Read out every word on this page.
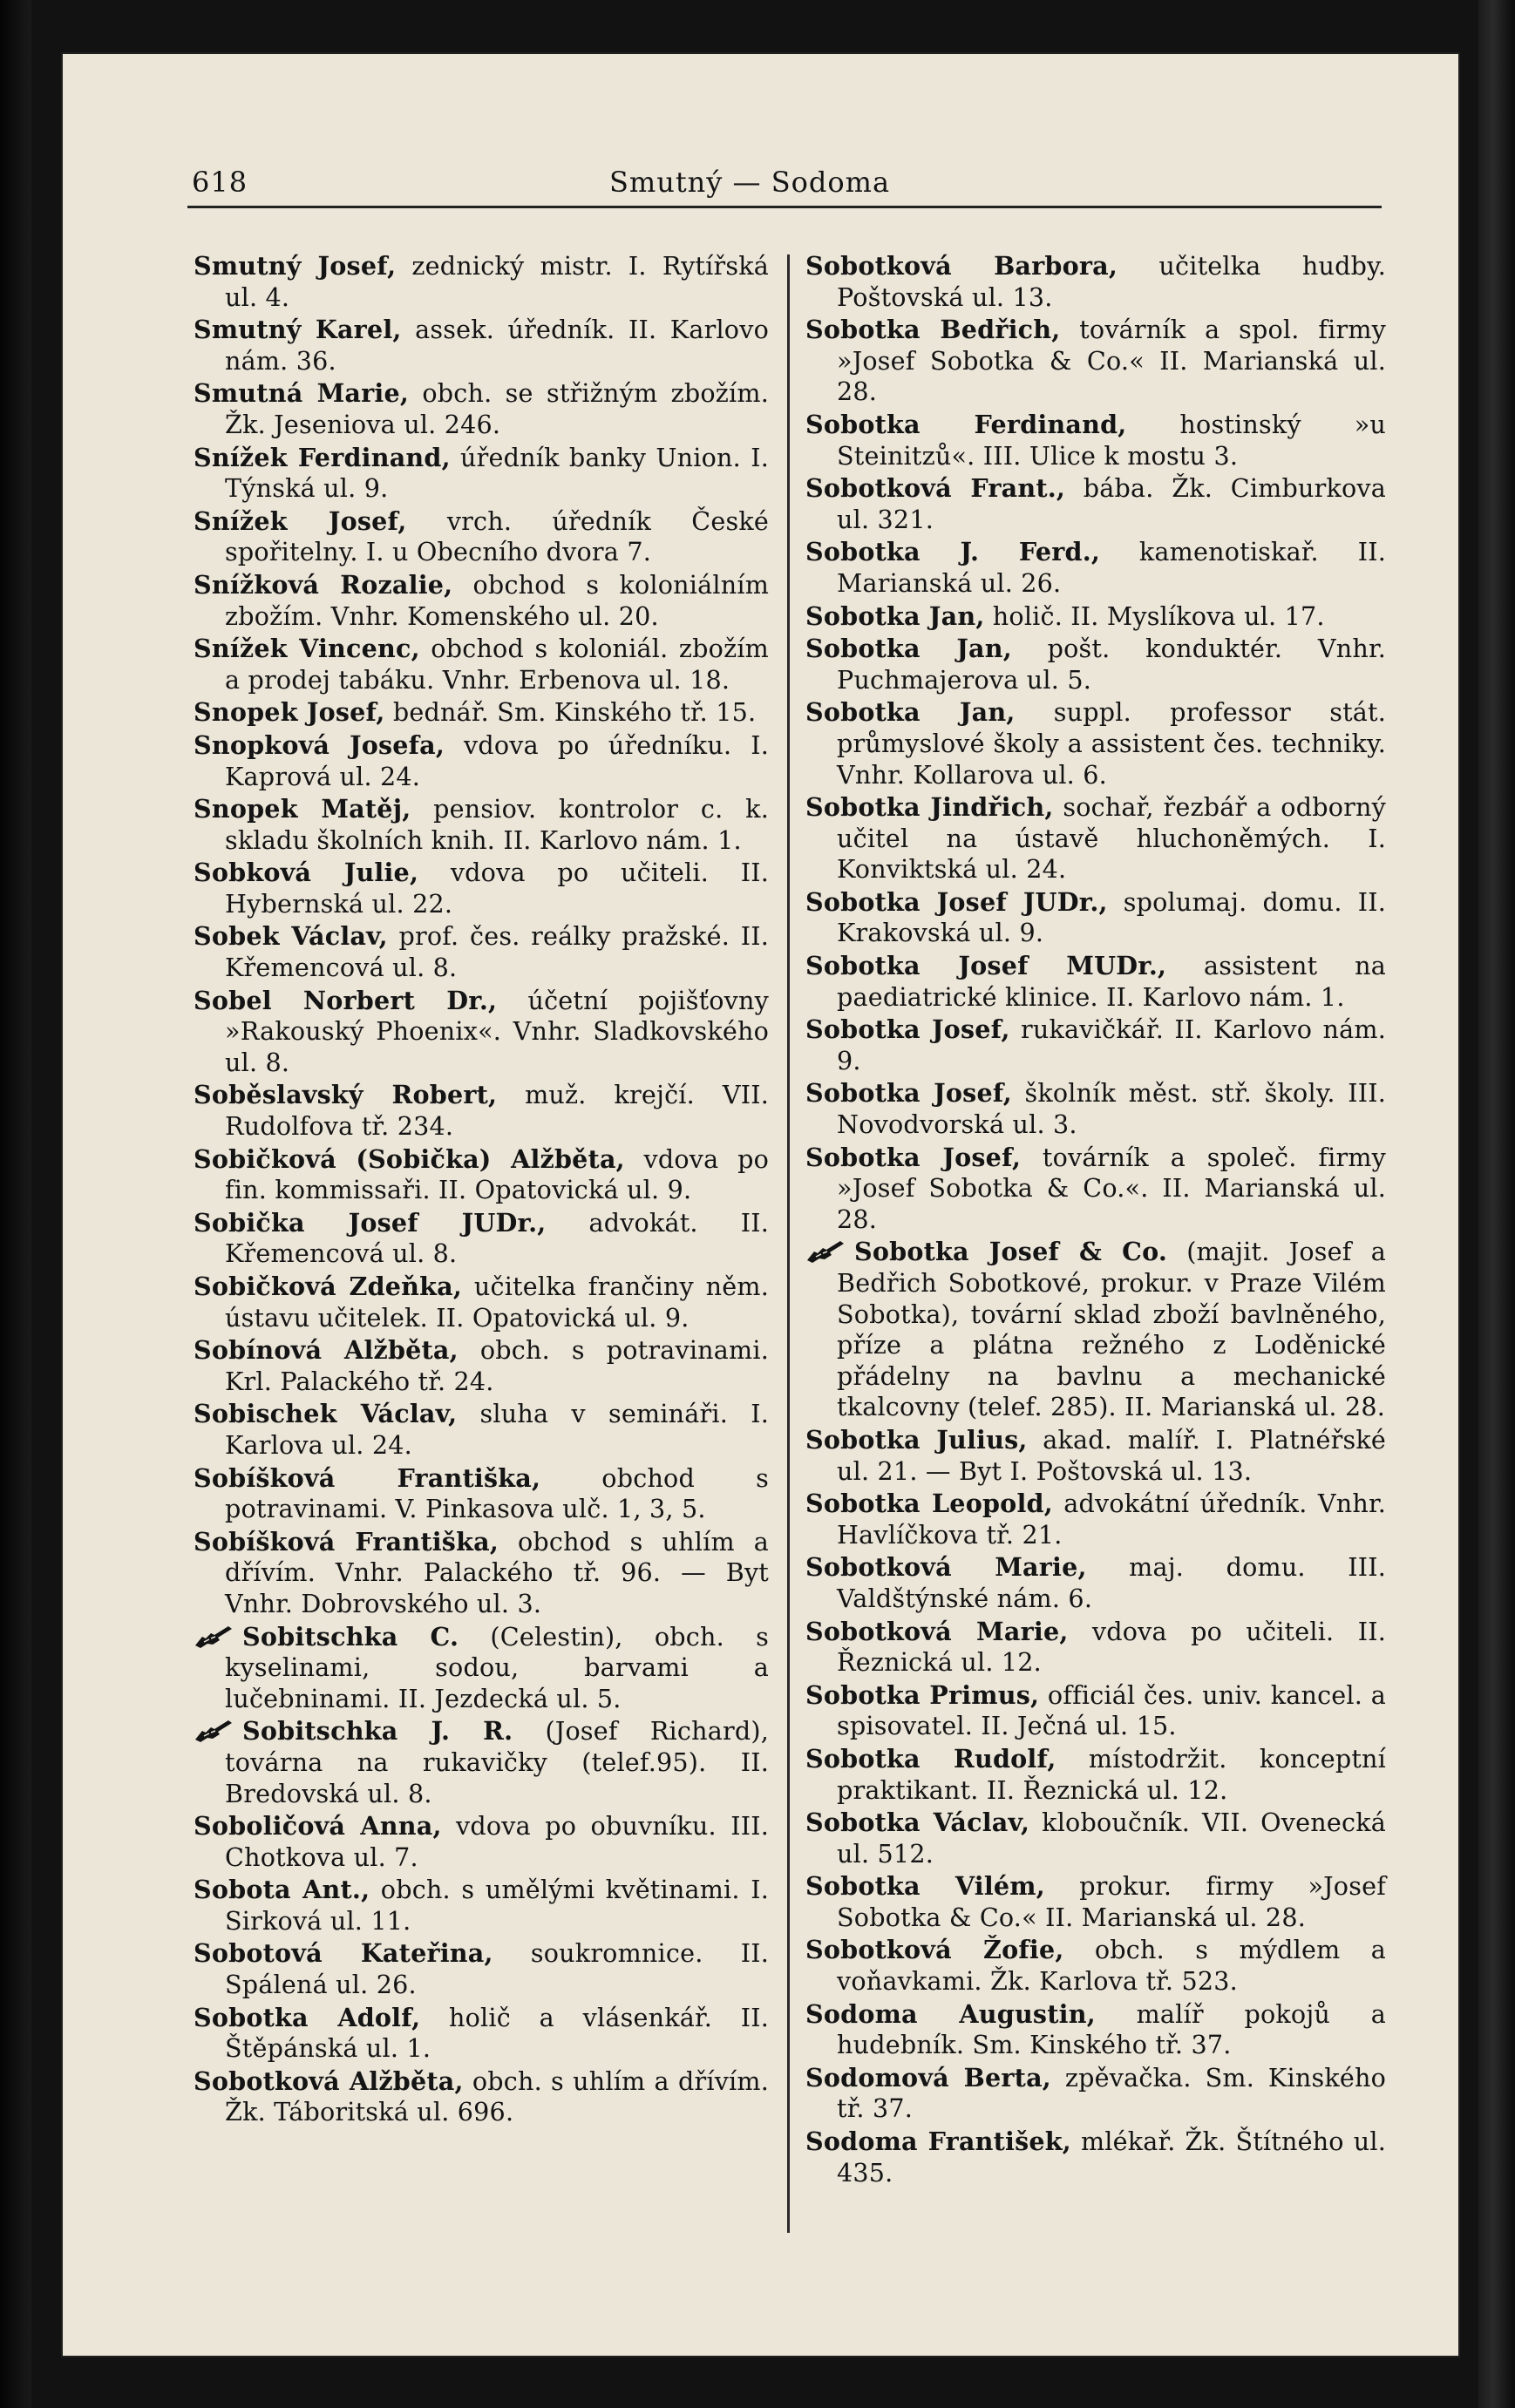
618	Smutný — Sodoma
Smutný Josef, zednický mistr. I. Rytířská ul. 4.
Smutný Karel, assek. úředník. II. Karlovo nám. 36.
Smutná Marie, obch. se střižným zbožím. Žk. Jeseniova ul. 246.
Snížek Ferdinand, úředník banky Union. I. Týnská ul. 9.
Snížek Josef, vrch. úředník České spořitelny. I. u Obecního dvora 7.
Snížková Rozalie, obchod s koloniálním zbožím. Vnhr. Komenského ul. 20.
Snížek Vincenc, obchod s koloniál. zbožím a prodej tabáku. Vnhr. Erbenova ul. 18.
Snopek Josef, bednář. Sm. Kinského tř. 15.
Snopková Josefa, vdova po úředníku. I. Kaprová ul. 24.
Snopek Matěj, pensiov. kontrolor c. k. skladu školních knih. II. Karlovo nám. 1.
Sobková Julie, vdova po učiteli. II. Hybernská ul. 22.
Sobek Václav, prof. čes. reálky pražské. II. Křemencová ul. 8.
Sobel Norbert Dr., účetní pojišťovny »Rakouský Phoenix«. Vnhr. Sladkovského ul. 8.
Soběslavský Robert, muž. krejčí. VII. Rudolfova tř. 234.
Sobičková (Sobička) Alžběta, vdova po fin. kommissaři. II. Opatovická ul. 9.
Sobička Josef JUDr., advokát. II. Křemencová ul. 8.
Sobičková Zdeňka, učitelka frančiny něm. ústavu učitelek. II. Opatovická ul. 9.
Sobínová Alžběta, obch. s potravinami. Krl. Palackého tř. 24.
Sobischek Václav, sluha v semináři. I. Karlova ul. 24.
Sobíšková Františka, obchod s potravinami. V. Pinkasova ulč. 1, 3, 5.
Sobíšková Františka, obchod s uhlím a dřívím. Vnhr. Palackého tř. 96. — Byt Vnhr. Dobrovského ul. 3.
Sobitschka C. (Celestin), obch. s kyselinami, sodou, barvami a lučebninami. II. Jezdecká ul. 5.
Sobitschka J. R. (Josef Richard), továrna na rukavičky (telef.95). II. Bredovská ul. 8.
Soboličová Anna, vdova po obuvníku. III. Chotkova ul. 7.
Sobota Ant., obch. s umělými květinami. I. Sirková ul. 11.
Sobotová Kateřina, soukromnice. II. Spálená ul. 26.
Sobotka Adolf, holič a vlásenkář. II. Štěpánská ul. 1.
Sobotková Alžběta, obch. s uhlím a dřívím. Žk. Táboritská ul. 696.
Sobotková Barbora, učitelka hudby. Poštovská ul. 13.
Sobotka Bedřich, továrník a spol. firmy »Josef Sobotka & Co.« II. Marianská ul. 28.
Sobotka Ferdinand, hostinský »u Steinitzů«. III. Ulice k mostu 3.
Sobotková Frant., bába. Žk. Cimburkova ul. 321.
Sobotka J. Ferd., kamenotiskař. II. Marianská ul. 26.
Sobotka Jan, holič. II. Myslíkova ul. 17.
Sobotka Jan, pošt. konduktér. Vnhr. Puchmajerova ul. 5.
Sobotka Jan, suppl. professor stát. průmyslové školy a assistent čes. techniky. Vnhr. Kollarova ul. 6.
Sobotka Jindřich, sochař, řezbář a odborný učitel na ústavě hluchoněmých. I. Konviktská ul. 24.
Sobotka Josef JUDr., spolumaj. domu. II. Krakovská ul. 9.
Sobotka Josef MUDr., assistent na paediatrické klinice. II. Karlovo nám. 1.
Sobotka Josef, rukavičkář. II. Karlovo nám. 9.
Sobotka Josef, školník měst. stř. školy. III. Novodvorská ul. 3.
Sobotka Josef, továrník a společ. firmy »Josef Sobotka & Co.«. II. Marianská ul. 28.
Sobotka Josef & Co. (majit. Josef a Bedřich Sobotkové, prokur. v Praze Vilém Sobotka), tovární sklad zboží bavlněného, příze a plátna režného z Loděnické přádelny na bavlnu a mechanické tkalcovny (telef. 285). II. Marianská ul. 28.
Sobotka Julius, akad. malíř. I. Platnéřské ul. 21. — Byt I. Poštovská ul. 13.
Sobotka Leopold, advokátní úředník. Vnhr. Havlíčkova tř. 21.
Sobotková Marie, maj. domu. III. Valdštýnské nám. 6.
Sobotková Marie, vdova po učiteli. II. Řeznická ul. 12.
Sobotka Primus, officiál čes. univ. kancel. a spisovatel. II. Ječná ul. 15.
Sobotka Rudolf, místodržit. konceptní praktikant. II. Řeznická ul. 12.
Sobotka Václav, kloboučník. VII. Ovenecká ul. 512.
Sobotka Vilém, prokur. firmy »Josef Sobotka & Co.« II. Marianská ul. 28.
Sobotková Žofie, obch. s mýdlem a voňavkami. Žk. Karlova tř. 523.
Sodoma Augustin, malíř pokojů a hudebník. Sm. Kinského tř. 37.
Sodomová Berta, zpěvačka. Sm. Kinského tř. 37.
Sodoma František, mlékař. Žk. Štítného ul. 435.
